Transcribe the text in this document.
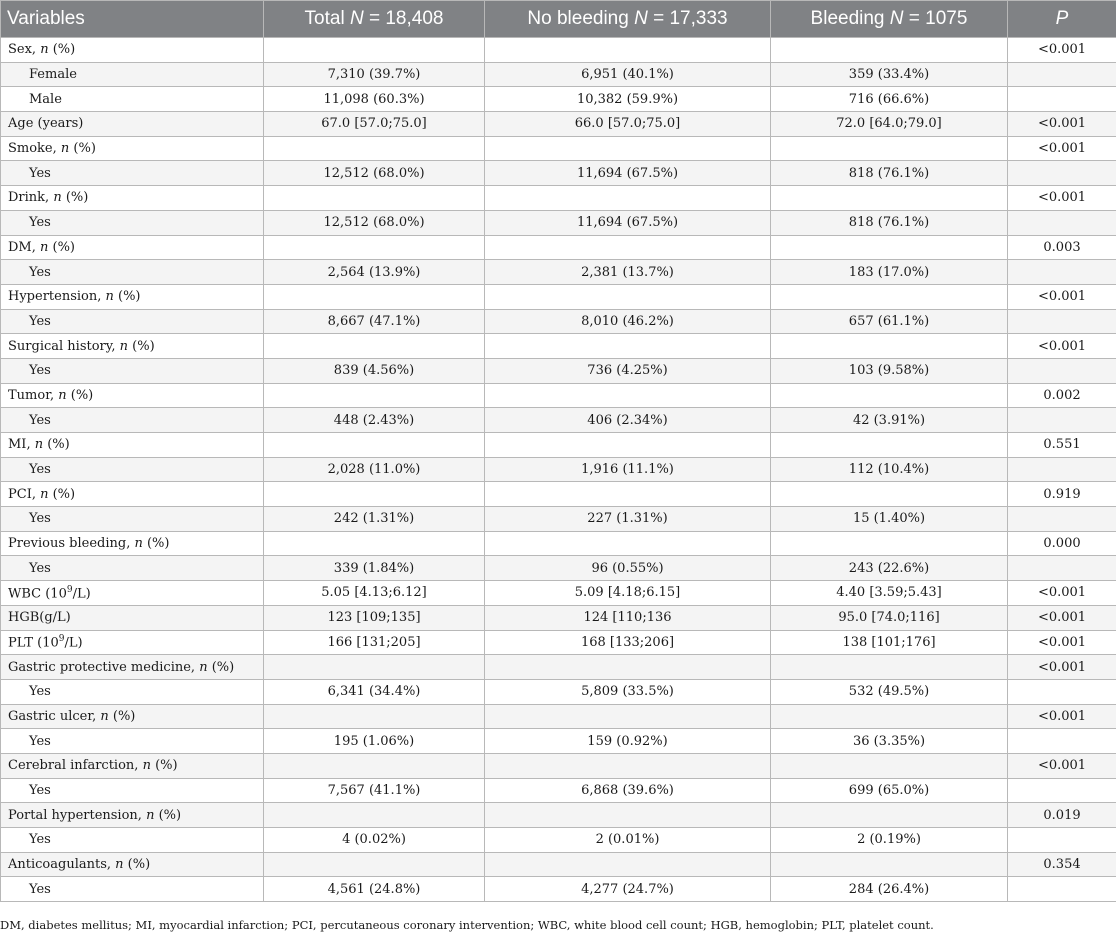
Variables	Total N = 18,408	No bleeding N = 17,333	Bleeding N = 1075	P
Sex, n (%)				<0.001
Female	7,310 (39.7%)	6,951 (40.1%)	359 (33.4%)	
Male	11,098 (60.3%)	10,382 (59.9%)	716 (66.6%)	
Age (years)	67.0 [57.0;75.0]	66.0 [57.0;75.0]	72.0 [64.0;79.0]	<0.001
Smoke, n (%)				<0.001
Yes	12,512 (68.0%)	11,694 (67.5%)	818 (76.1%)	
Drink, n (%)				<0.001
Yes	12,512 (68.0%)	11,694 (67.5%)	818 (76.1%)	
DM, n (%)				0.003
Yes	2,564 (13.9%)	2,381 (13.7%)	183 (17.0%)	
Hypertension, n (%)				<0.001
Yes	8,667 (47.1%)	8,010 (46.2%)	657 (61.1%)	
Surgical history, n (%)				<0.001
Yes	839 (4.56%)	736 (4.25%)	103 (9.58%)	
Tumor, n (%)				0.002
Yes	448 (2.43%)	406 (2.34%)	42 (3.91%)	
MI, n (%)				0.551
Yes	2,028 (11.0%)	1,916 (11.1%)	112 (10.4%)	
PCI, n (%)				0.919
Yes	242 (1.31%)	227 (1.31%)	15 (1.40%)	
Previous bleeding, n (%)				0.000
Yes	339 (1.84%)	96 (0.55%)	243 (22.6%)	
WBC $(10^9/L)$	5.05 [4.13;6.12]	5.09 [4.18;6.15]	4.40 [3.59;5.43]	<0.001
HGB(g/L)	123 [109;135]	124 [110;136	95.0 [74.0;116]	<0.001
PLT $(10^9/L)$	166 [131;205]	168 [133;206]	138 [101;176]	<0.001
Gastric protective medicine, n (%)				<0.001
Yes	6,341 (34.4%)	5,809 (33.5%)	532 (49.5%)	
Gastric ulcer, n (%)				<0.001
Yes	195 (1.06%)	159 (0.92%)	36 (3.35%)	
Cerebral infarction, n (%)				<0.001
Yes	7,567 (41.1%)	6,868 (39.6%)	699 (65.0%)	
Portal hypertension, n (%)				0.019
Yes	4 (0.02%)	2 (0.01%)	2 (0.19%)	
Anticoagulants, n (%)				0.354
Yes	4,561 (24.8%)	4,277 (24.7%)	284 (26.4%)	
DM, diabetes mellitus; MI, myocardial infarction; PCI, percutaneous coronary intervention; WBC, white blood cell count; HGB, hemoglobin; PLT, platelet count.
